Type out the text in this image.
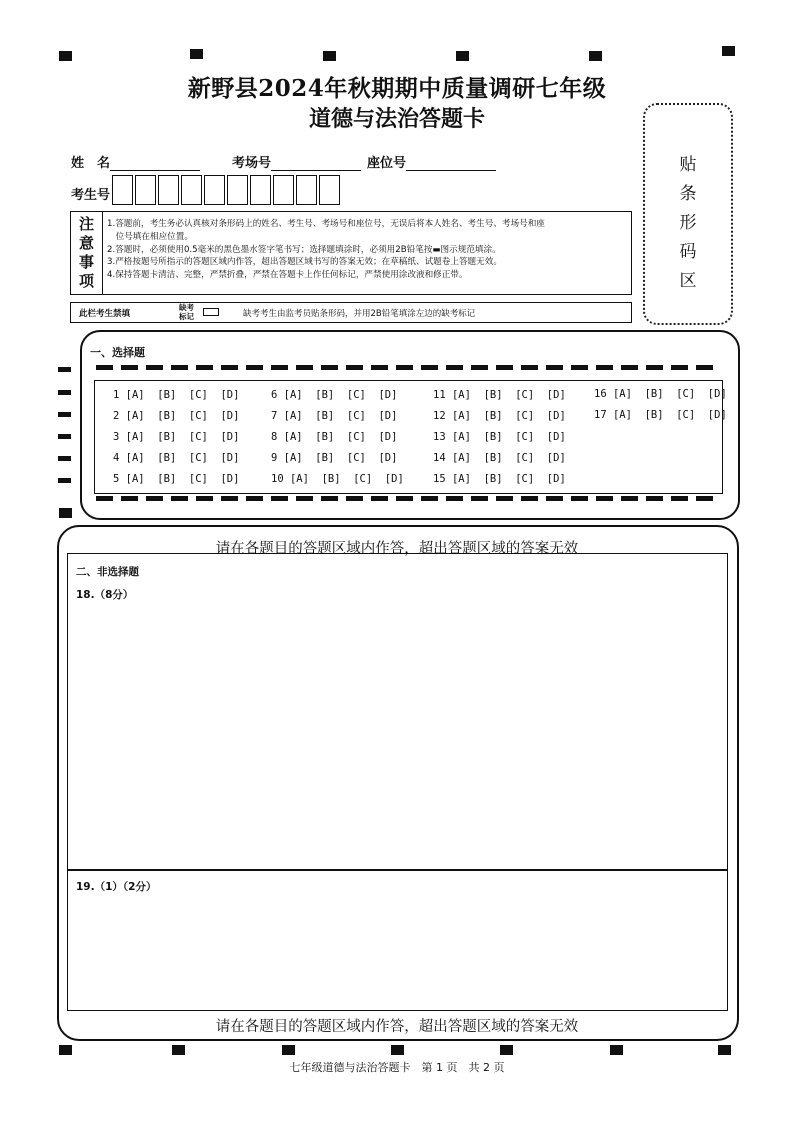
新野县2024年秋期期中质量调研七年级
道德与法治答题卡
姓　名	考场号	座位号	贴
条
形
码
区
考生号
注
意
事
项
1.答题前，考生务必认真核对条形码上的姓名、考生号、考场号和座位号，无误后将本人姓名、考生号、考场号和座
　位号填在相应位置。
2.答题时，必须使用0.5毫米的黑色墨水签字笔书写；选择题填涂时，必须用2B铅笔按▬图示规范填涂。
3.严格按题号所指示的答题区域内作答，超出答题区域书写的答案无效；在草稿纸、试题卷上答题无效。
4.保持答题卡清洁、完整，严禁折叠，严禁在答题卡上作任何标记，严禁使用涂改液和修正带。
此栏考生禁填
缺考
标记	缺考考生由监考员贴条形码，并用2B铅笔填涂左边的缺考标记
一、选择题
1 [A]  [B]  [C]  [D]
2 [A]  [B]  [C]  [D]
3 [A]  [B]  [C]  [D]
4 [A]  [B]  [C]  [D]
5 [A]  [B]  [C]  [D]
6 [A]  [B]  [C]  [D]
7 [A]  [B]  [C]  [D]
8 [A]  [B]  [C]  [D]
9 [A]  [B]  [C]  [D]
10 [A]  [B]  [C]  [D]
11 [A]  [B]  [C]  [D]
12 [A]  [B]  [C]  [D]
13 [A]  [B]  [C]  [D]
14 [A]  [B]  [C]  [D]
15 [A]  [B]  [C]  [D]
16 [A]  [B]  [C]  [D]
17 [A]  [B]  [C]  [D]
请在各题目的答题区域内作答，超出答题区域的答案无效
二、非选择题
18.（8分）
19.（1）（2分）
请在各题目的答题区域内作答，超出答题区域的答案无效
七年级道德与法治答题卡　第 1 页　共 2 页
